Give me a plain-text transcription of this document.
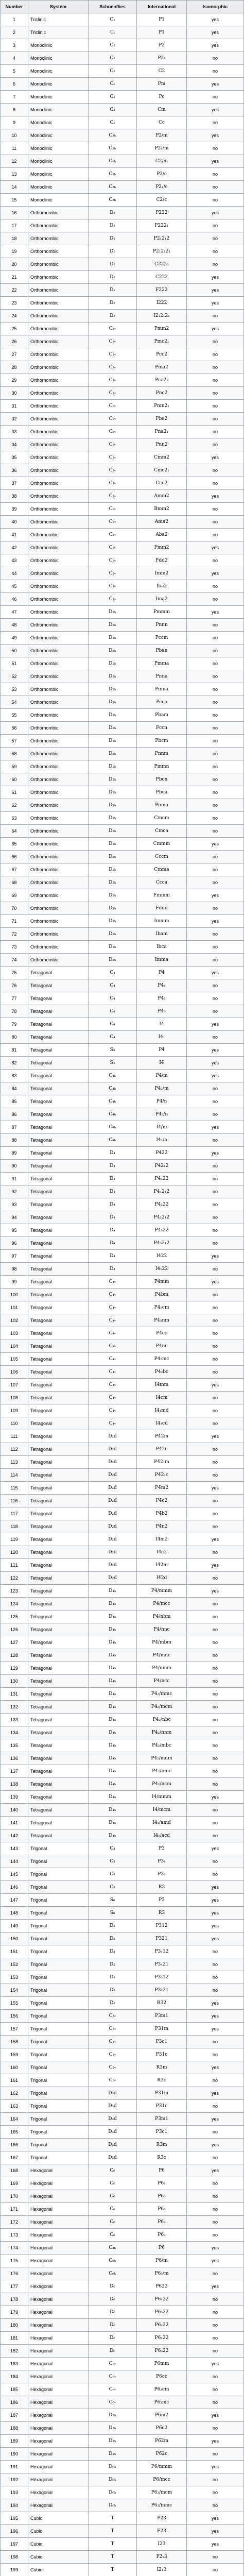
Number	System	Schoenflies	International	Isomorphic
1	Triclinic	C₁	P1	yes
2	Triclinic	Cᵢ	P1̄	yes
3	Monoclinic	C₂	P2	yes
4	Monoclinic	C₂	P2₁	no
5	Monoclinic	C₂	C2	no
6	Monoclinic	Cₛ	Pm	yes
7	Monoclinic	Cₛ	Pc	no
8	Monoclinic	Cₛ	Cm	yes
9	Monoclinic	Cₛ	Cc	no
10	Monoclinic	C₂ₕ	P2/m	yes
11	Monoclinic	C₂ₕ	P2₁/m	no
12	Monoclinic	C₂ₕ	C2/m	yes
13	Monoclinic	C₂ₕ	P2/c	no
14	Monoclinic	C₂ₕ	P2₁/c	no
15	Monoclinic	C₂ₕ	C2/c	no
16	Orthorhombic	D₂	P222	yes
17	Orthorhombic	D₂	P222₁	no
18	Orthorhombic	D₂	P2₁2₁2	no
19	Orthorhombic	D₂	P2₁2₁2₁	no
20	Orthorhombic	D₂	C222₁	no
21	Orthorhombic	D₂	C222	yes
22	Orthorhombic	D₂	F222	yes
23	Orthorhombic	D₂	I222	yes
24	Orthorhombic	D₂	I2₁2₁2₁	no
25	Orthorhombic	C₂ᵥ	Pmm2	yes
26	Orthorhombic	C₂ᵥ	Pmc2₁	no
27	Orthorhombic	C₂ᵥ	Pcc2	no
28	Orthorhombic	C₂ᵥ	Pma2	no
29	Orthorhombic	C₂ᵥ	Pca2₁	no
30	Orthorhombic	C₂ᵥ	Pnc2	no
31	Orthorhombic	C₂ᵥ	Pmn2₁	no
32	Orthorhombic	C₂ᵥ	Pba2	no
33	Orthorhombic	C₂ᵥ	Pna2₁	no
34	Orthorhombic	C₂ᵥ	Pnn2	no
35	Orthorhombic	C₂ᵥ	Cmm2	yes
36	Orthorhombic	C₂ᵥ	Cmc2₁	no
37	Orthorhombic	C₂ᵥ	Ccc2	no
38	Orthorhombic	C₂ᵥ	Amm2	yes
39	Orthorhombic	C₂ᵥ	Bmm2	no
40	Orthorhombic	C₂ᵥ	Ama2	no
41	Orthorhombic	C₂ᵥ	Aba2	no
42	Orthorhombic	C₂ᵥ	Fmm2	yes
43	Orthorhombic	C₂ᵥ	Fdd2	no
44	Orthorhombic	C₂ᵥ	Imm2	yes
45	Orthorhombic	C₂ᵥ	Iba2	no
46	Orthorhombic	C₂ᵥ	Ima2	no
47	Orthorhombic	D₂ₕ	Pmmm	yes
48	Orthorhombic	D₂ₕ	Pnnn	no
49	Orthorhombic	D₂ₕ	Pccm	no
50	Orthorhombic	D₂ₕ	Pban	no
51	Orthorhombic	D₂ₕ	Pmma	no
52	Orthorhombic	D₂ₕ	Pnna	no
53	Orthorhombic	D₂ₕ	Pmna	no
54	Orthorhombic	D₂ₕ	Pcca	no
55	Orthorhombic	D₂ₕ	Pbam	no
56	Orthorhombic	D₂ₕ	Pccn	no
57	Orthorhombic	D₂ₕ	Pbcm	no
58	Orthorhombic	D₂ₕ	Pnnm	no
59	Orthorhombic	D₂ₕ	Pmmn	no
60	Orthorhombic	D₂ₕ	Pbcn	no
61	Orthorhombic	D₂ₕ	Pbca	no
62	Orthorhombic	D₂ₕ	Pnma	no
63	Orthorhombic	D₂ₕ	Cmcm	no
64	Orthorhombic	D₂ₕ	Cmca	no
65	Orthorhombic	D₂ₕ	Cmmm	yes
66	Orthorhombic	D₂ₕ	Cccm	no
67	Orthorhombic	D₂ₕ	Cmma	no
68	Orthorhombic	D₂ₕ	Ccca	no
69	Orthorhombic	D₂ₕ	Fmmm	yes
70	Orthorhombic	D₂ₕ	Fddd	no
71	Orthorhombic	D₂ₕ	Immm	yes
72	Orthorhombic	D₂ₕ	Ibam	no
73	Orthorhombic	D₂ₕ	Ibca	no
74	Orthorhombic	D₂ₕ	Imma	no
75	Tetragonal	C₄	P4	yes
76	Tetragonal	C₄	P4₁	no
77	Tetragonal	C₄	P4₂	no
78	Tetragonal	C₄	P4₃	no
79	Tetragonal	C₄	I4	yes
80	Tetragonal	C₄	I4₁	no
81	Tetragonal	S₄	P4̄	yes
82	Tetragonal	S₄	I4̄	yes
83	Tetragonal	C₄ₕ	P4/m	yes
84	Tetragonal	C₄ₕ	P4₂/m	no
85	Tetragonal	C₄ₕ	P4/n	no
86	Tetragonal	C₄ₕ	P4₂/n	no
87	Tetragonal	C₄ₕ	I4/m	yes
88	Tetragonal	C₄ₕ	I4₁/a	no
89	Tetragonal	D₄	P422	yes
90	Tetragonal	D₄	P42₁2	no
91	Tetragonal	D₄	P4₁22	no
92	Tetragonal	D₄	P4₁2₁2	no
93	Tetragonal	D₄	P4₂22	no
94	Tetragonal	D₄	P4₂2₁2	no
95	Tetragonal	D₄	P4₃22	no
96	Tetragonal	D₄	P4₃2₁2	no
97	Tetragonal	D₄	I422	yes
98	Tetragonal	D₄	I4₁22	no
99	Tetragonal	C₄ᵥ	P4mm	yes
100	Tetragonal	C₄ᵥ	P4bm	no
101	Tetragonal	C₄ᵥ	P4₂cm	no
102	Tetragonal	C₄ᵥ	P4₂nm	no
103	Tetragonal	C₄ᵥ	P4cc	no
104	Tetragonal	C₄ᵥ	P4nc	no
105	Tetragonal	C₄ᵥ	P4₂mc	no
106	Tetragonal	C₄ᵥ	P4₂bc	no
107	Tetragonal	C₄ᵥ	I4mm	yes
108	Tetragonal	C₄ᵥ	I4cm	no
109	Tetragonal	C₄ᵥ	I4₁md	no
110	Tetragonal	C₄ᵥ	I4₁cd	no
111	Tetragonal	D₂d	P4̄2m	yes
112	Tetragonal	D₂d	P4̄2c	no
113	Tetragonal	D₂d	P4̄2₁m	no
114	Tetragonal	D₂d	P4̄2₁c	no
115	Tetragonal	D₂d	P4̄m2	yes
116	Tetragonal	D₂d	P4̄c2	no
117	Tetragonal	D₂d	P4̄b2	no
118	Tetragonal	D₂d	P4̄n2	no
119	Tetragonal	D₂d	I4̄m2	yes
120	Tetragonal	D₂d	I4̄c2	no
121	Tetragonal	D₂d	I4̄2m	yes
122	Tetragonal	D₂d	I4̄2d	no
123	Tetragonal	D₄ₕ	P4/mmm	yes
124	Tetragonal	D₄ₕ	P4/mcc	no
125	Tetragonal	D₄ₕ	P4/nbm	no
126	Tetragonal	D₄ₕ	P4/nnc	no
127	Tetragonal	D₄ₕ	P4/mbm	no
128	Tetragonal	D₄ₕ	P4/mnc	no
129	Tetragonal	D₄ₕ	P4/nmm	no
130	Tetragonal	D₄ₕ	P4/ncc	no
131	Tetragonal	D₄ₕ	P4₂/mmc	no
132	Tetragonal	D₄ₕ	P4₂/mcm	no
133	Tetragonal	D₄ₕ	P4₂/nbc	no
134	Tetragonal	D₄ₕ	P4₂/nnm	no
135	Tetragonal	D₄ₕ	P4₂/mbc	no
136	Tetragonal	D₄ₕ	P4₂/mnm	no
137	Tetragonal	D₄ₕ	P4₂/nmc	no
138	Tetragonal	D₄ₕ	P4₂/ncm	no
139	Tetragonal	D₄ₕ	I4/mmm	yes
140	Tetragonal	D₄ₕ	I4/mcm	no
141	Tetragonal	D₄ₕ	I4₁/amd	no
142	Tetragonal	D₄ₕ	I4₁/acd	no
143	Trigonal	C₃	P3	yes
144	Trigonal	C₃	P3₁	no
145	Trigonal	C₃	P3₂	no
146	Trigonal	C₃	R3	yes
147	Trigonal	S₆	P3̄	yes
148	Trigonal	S₆	R3̄	yes
149	Trigonal	D₃	P312	yes
150	Trigonal	D₃	P321	yes
151	Trigonal	D₃	P3₁12	no
152	Trigonal	D₃	P3₁21	no
153	Trigonal	D₃	P3₂12	no
154	Trigonal	D₃	P3₂21	no
155	Trigonal	D₃	R32	yes
156	Trigonal	C₃ᵥ	P3m1	yes
157	Trigonal	C₃ᵥ	P31m	yes
158	Trigonal	C₃ᵥ	P3c1	no
159	Trigonal	C₃ᵥ	P31c	no
160	Trigonal	C₃ᵥ	R3m	yes
161	Trigonal	C₃ᵥ	R3c	no
162	Trigonal	D₃d	P3̄1m	yes
163	Trigonal	D₃d	P3̄1c	no
164	Trigonal	D₃d	P3̄m1	yes
165	Trigonal	D₃d	P3̄c1	no
166	Trigonal	D₃d	R3̄m	yes
167	Trigonal	D₃d	R3̄c	no
168	Hexagonal	C₆	P6	yes
169	Hexagonal	C₆	P6₁	no
170	Hexagonal	C₆	P6₅	no
171	Hexagonal	C₆	P6₂	no
172	Hexagonal	C₆	P6₄	no
173	Hexagonal	C₆	P6₃	no
174	Hexagonal	C₃ₕ	P6̄	yes
175	Hexagonal	C₆ₕ	P6/m	yes
176	Hexagonal	C₆ₕ	P6₃/m	no
177	Hexagonal	D₆	P622	yes
178	Hexagonal	D₆	P6₁22	no
179	Hexagonal	D₆	P6₅22	no
180	Hexagonal	D₆	P6₂22	no
181	Hexagonal	D₆	P6₄22	no
182	Hexagonal	D₆	P6₃22	no
183	Hexagonal	C₆ᵥ	P6mm	yes
184	Hexagonal	C₆ᵥ	P6cc	no
185	Hexagonal	C₆ᵥ	P6₃cm	no
186	Hexagonal	C₆ᵥ	P6₃mc	no
187	Hexagonal	D₃ₕ	P6̄m2	yes
188	Hexagonal	D₃ₕ	P6̄c2	no
189	Hexagonal	D₃ₕ	P6̄2m	yes
190	Hexagonal	D₃ₕ	P6̄2c	no
191	Hexagonal	D₆ₕ	P6/mmm	yes
192	Hexagonal	D₆ₕ	P6/mcc	no
193	Hexagonal	D₆ₕ	P6₃/mcm	no
194	Hexagonal	D₆ₕ	P6₃/mmc	no
195	Cubic	T	P23	yes
196	Cubic	T	F23	yes
197	Cubic	T	I23	yes
198	Cubic	T	P2₁3	no
199	Cubic	T	I2₁3	no
